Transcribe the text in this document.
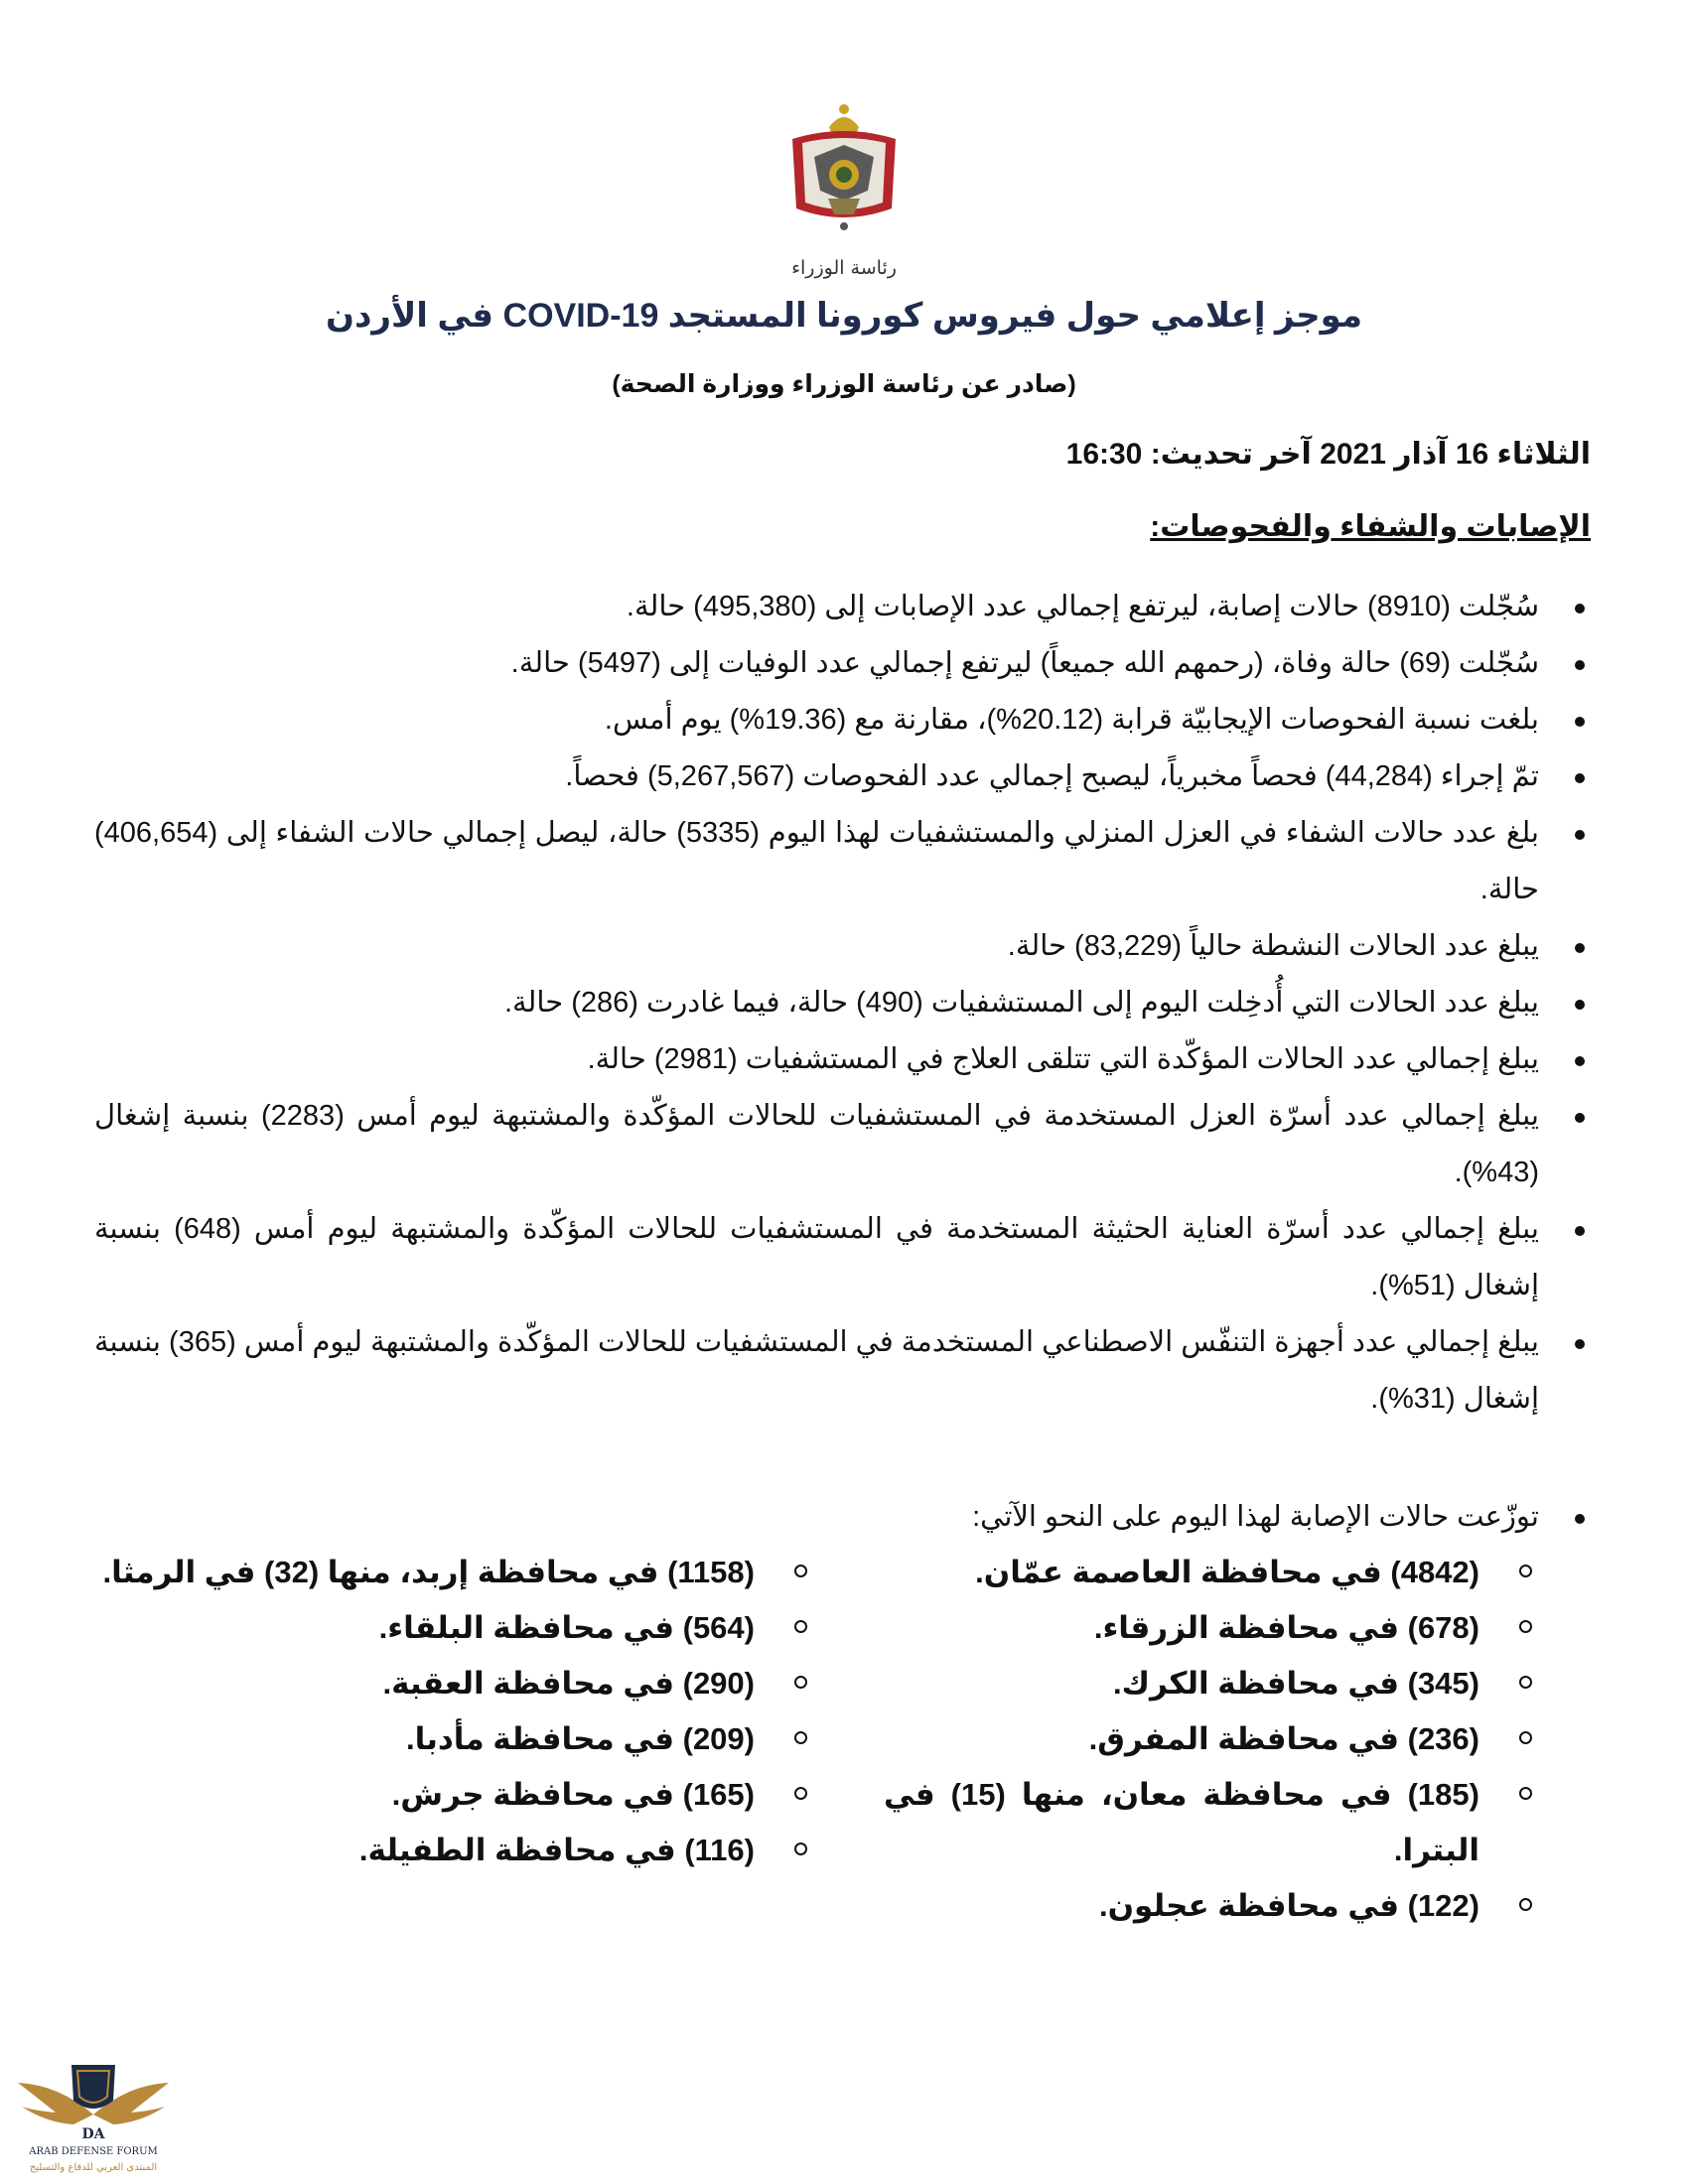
رئاسة الوزراء
موجز إعلامي حول فيروس كورونا المستجد COVID-19 في الأردن
(صادر عن رئاسة الوزراء ووزارة الصحة)
الثلاثاء 16 آذار 2021 آخر تحديث: 16:30
الإصابات والشفاء والفحوصات:
سُجّلت (8910) حالات إصابة، ليرتفع إجمالي عدد الإصابات إلى (495,380) حالة.
سُجّلت (69) حالة وفاة، (رحمهم الله جميعاً) ليرتفع إجمالي عدد الوفيات إلى (5497) حالة.
بلغت نسبة الفحوصات الإيجابيّة قرابة (20.12%)، مقارنة مع (19.36%) يوم أمس.
تمّ إجراء (44,284) فحصاً مخبرياً، ليصبح إجمالي عدد الفحوصات (5,267,567) فحصاً.
بلغ عدد حالات الشفاء في العزل المنزلي والمستشفيات لهذا اليوم (5335) حالة، ليصل إجمالي حالات الشفاء إلى (406,654) حالة.
يبلغ عدد الحالات النشطة حالياً (83,229) حالة.
يبلغ عدد الحالات التي أُدخِلت اليوم إلى المستشفيات (490) حالة، فيما غادرت (286) حالة.
يبلغ إجمالي عدد الحالات المؤكّدة التي تتلقى العلاج في المستشفيات (2981) حالة.
يبلغ إجمالي عدد أسرّة العزل المستخدمة في المستشفيات للحالات المؤكّدة والمشتبهة ليوم أمس (2283) بنسبة إشغال (43%).
يبلغ إجمالي عدد أسرّة العناية الحثيثة المستخدمة في المستشفيات للحالات المؤكّدة والمشتبهة ليوم أمس (648) بنسبة إشغال (51%).
يبلغ إجمالي عدد أجهزة التنفّس الاصطناعي المستخدمة في المستشفيات للحالات المؤكّدة والمشتبهة ليوم أمس (365) بنسبة إشغال (31%).
توزّعت حالات الإصابة لهذا اليوم على النحو الآتي:
(4842) في محافظة العاصمة عمّان.
(678) في محافظة الزرقاء.
(345) في محافظة الكرك.
(236) في محافظة المفرق.
(185) في محافظة معان، منها (15) في البترا.
(122) في محافظة عجلون.
(1158) في محافظة إربد، منها (32) في الرمثا.
(564) في محافظة البلقاء.
(290) في محافظة العقبة.
(209) في محافظة مأدبا.
(165) في محافظة جرش.
(116) في محافظة الطفيلة.
DA
ARAB DEFENSE FORUM
المنتدى العربي للدفاع والتسليح
